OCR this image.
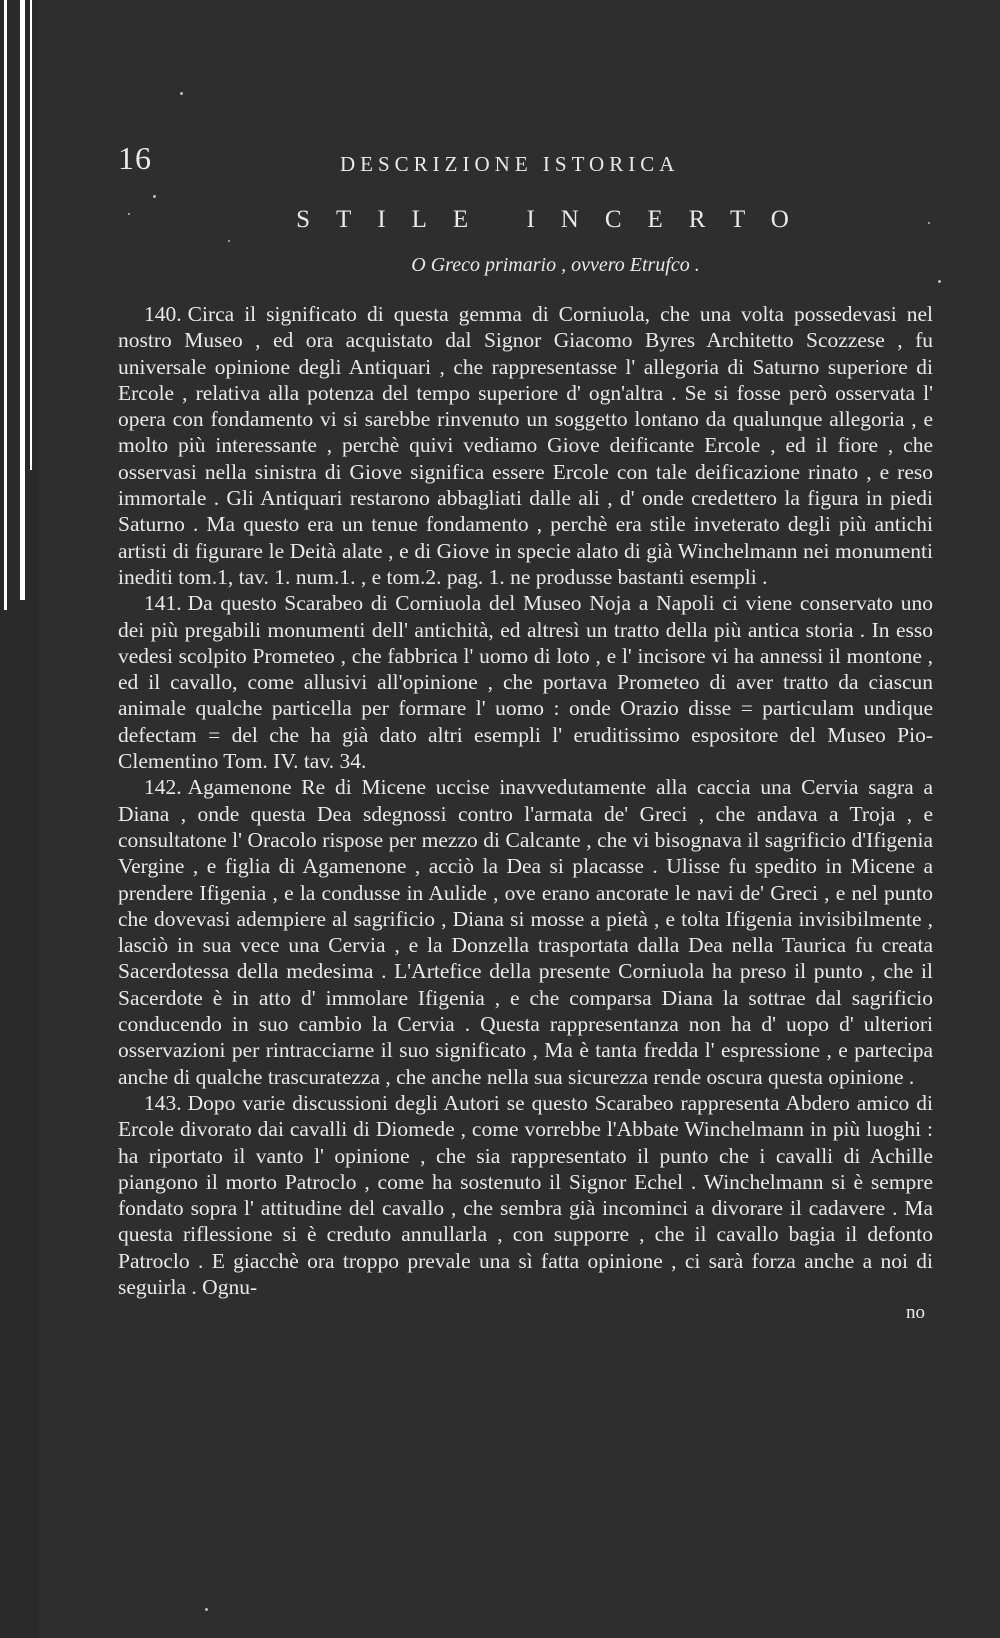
16	DESCRIZIONE ISTORICA
STILE INCERTO
O Greco primario , ovvero Etrufco .

140. Circa il significato di questa gemma di Corniuola, che una volta possedevasi nel nostro Museo , ed ora acquistato dal Signor Giacomo Byres Architetto Scozzese , fu universale opinione degli Antiquari , che rappresentasse l' allegoria di Saturno superiore di Ercole , relativa alla potenza del tempo superiore d' ogn'altra . Se si fosse però osservata l' opera con fondamento vi si sarebbe rinvenuto un soggetto lontano da qualunque allegoria , e molto più interessante , perchè quivi vediamo Giove deificante Ercole , ed il fiore , che osservasi nella sinistra di Giove significa essere Ercole con tale deificazione rinato , e reso immortale . Gli Antiquari restarono abbagliati dalle ali , d' onde credettero la figura in piedi Saturno . Ma questo era un tenue fondamento , perchè era stile inveterato degli più antichi artisti di figurare le Deità alate , e di Giove in specie alato di già Winchelmann nei monumenti inediti tom.1, tav. 1. num.1. , e tom.2. pag. 1. ne produsse bastanti esempli .

141. Da questo Scarabeo di Corniuola del Museo Noja a Napoli ci viene conservato uno dei più pregabili monumenti dell' antichità, ed altresì un tratto della più antica storia . In esso vedesi scolpito Prometeo , che fabbrica l' uomo di loto , e l' incisore vi ha annessi il montone , ed il cavallo, come allusivi all'opinione , che portava Prometeo di aver tratto da ciascun animale qualche particella per formare l' uomo : onde Orazio disse = particulam undique defectam = del che ha già dato altri esempli l' eruditissimo espositore del Museo Pio-Clementino Tom. IV. tav. 34.

142. Agamenone Re di Micene uccise inavvedutamente alla caccia una Cervia sagra a Diana , onde questa Dea sdegnossi contro l'armata de' Greci , che andava a Troja , e consultatone l' Oracolo rispose per mezzo di Calcante , che vi bisognava il sagrificio d'Ifigenia Vergine , e figlia di Agamenone , acciò la Dea si placasse . Ulisse fu spedito in Micene a prendere Ifigenia , e la condusse in Aulide , ove erano ancorate le navi de' Greci , e nel punto che dovevasi adempiere al sagrificio , Diana si mosse a pietà , e tolta Ifigenia invisibilmente , lasciò in sua vece una Cervia , e la Donzella trasportata dalla Dea nella Taurica fu creata Sacerdotessa della medesima . L'Artefice della presente Corniuola ha preso il punto , che il Sacerdote è in atto d' immolare Ifigenia , e che comparsa Diana la sottrae dal sagrificio conducendo in suo cambio la Cervia . Questa rappresentanza non ha d' uopo d' ulteriori osservazioni per rintracciarne il suo significato , Ma è tanta fredda l' espressione , e partecipa anche di qualche trascuratezza , che anche nella sua sicurezza rende oscura questa opinione .

143. Dopo varie discussioni degli Autori se questo Scarabeo rappresenta Abdero amico di Ercole divorato dai cavalli di Diomede , come vorrebbe l'Abbate Winchelmann in più luoghi : ha riportato il vanto l' opinione , che sia rappresentato il punto che i cavalli di Achille piangono il morto Patroclo , come ha sostenuto il Signor Echel . Winchelmann si è sempre fondato sopra l' attitudine del cavallo , che sembra già incominci a divorare il cadavere . Ma questa riflessione si è creduto annullarla , con supporre , che il cavallo bagia il defonto Patroclo . E giacchè ora troppo prevale una sì fatta opinione , ci sarà forza anche a noi di seguirla . Ognu-

no
